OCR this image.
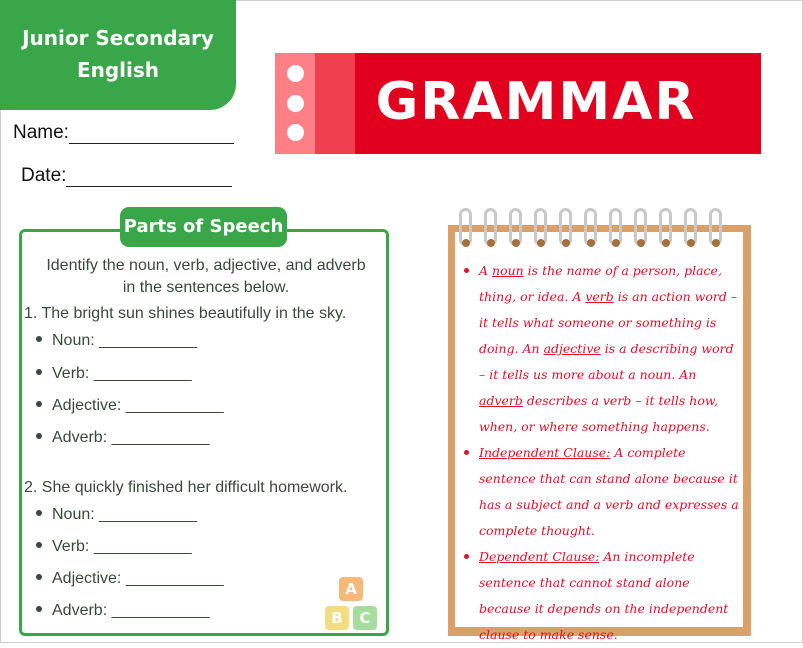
Junior Secondary
English
Name:
Date:
GRAMMAR
Parts of Speech
Identify the noun, verb, adjective, and adverb
in the sentences below.
1. The bright sun shines beautifully in the sky.
Noun: ___________
Verb: ___________
Adjective: ___________
Adverb: ___________
2. She quickly finished her difficult homework.
Noun: ___________
Verb: ___________
Adjective: ___________
Adverb: ___________
A
B	C
A noun is the name of a person, place, thing, or idea. A verb is an action word – it tells what someone or something is doing. An adjective is a describing word – it tells us more about a noun. An adverb describes a verb – it tells how, when, or where something happens.
Independent Clause: A complete sentence that can stand alone because it has a subject and a verb and expresses a complete thought.
Dependent Clause: An incomplete sentence that cannot stand alone because it depends on the independent clause to make sense.
